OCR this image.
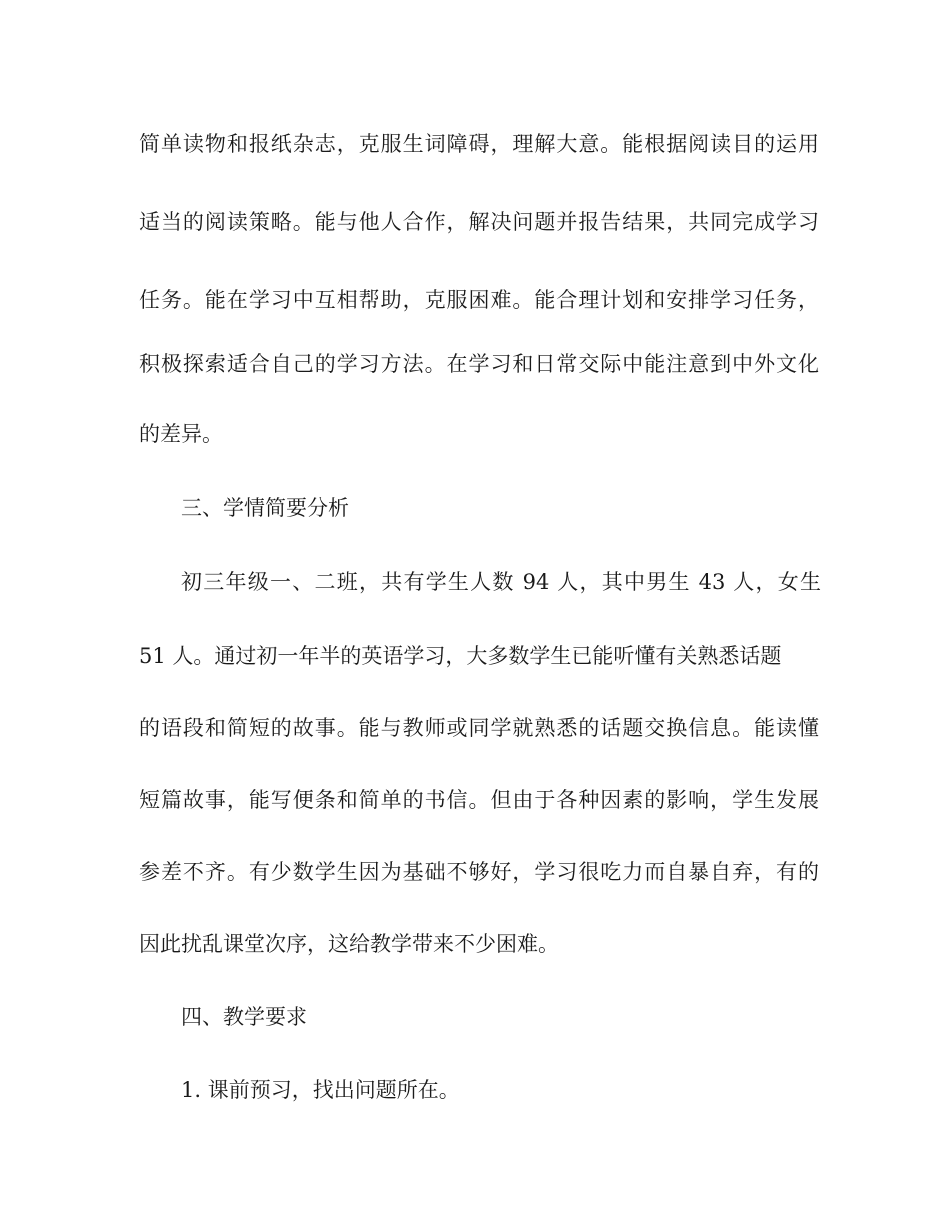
简单读物和报纸杂志，克服生词障碍，理解大意。能根据阅读目的运用
适当的阅读策略。能与他人合作，解决问题并报告结果，共同完成学习
任务。能在学习中互相帮助，克服困难。能合理计划和安排学习任务，
积极探索适合自己的学习方法。在学习和日常交际中能注意到中外文化
的差异。
三、学情简要分析
初三年级一、二班，共有学生人数 94 人，其中男生 43 人，女生
51 人。通过初一年半的英语学习，大多数学生已能听懂有关熟悉话题
的语段和简短的故事。能与教师或同学就熟悉的话题交换信息。能读懂
短篇故事，能写便条和简单的书信。但由于各种因素的影响，学生发展
参差不齐。有少数学生因为基础不够好，学习很吃力而自暴自弃，有的
因此扰乱课堂次序，这给教学带来不少困难。
四、教学要求
1. 课前预习，找出问题所在。
